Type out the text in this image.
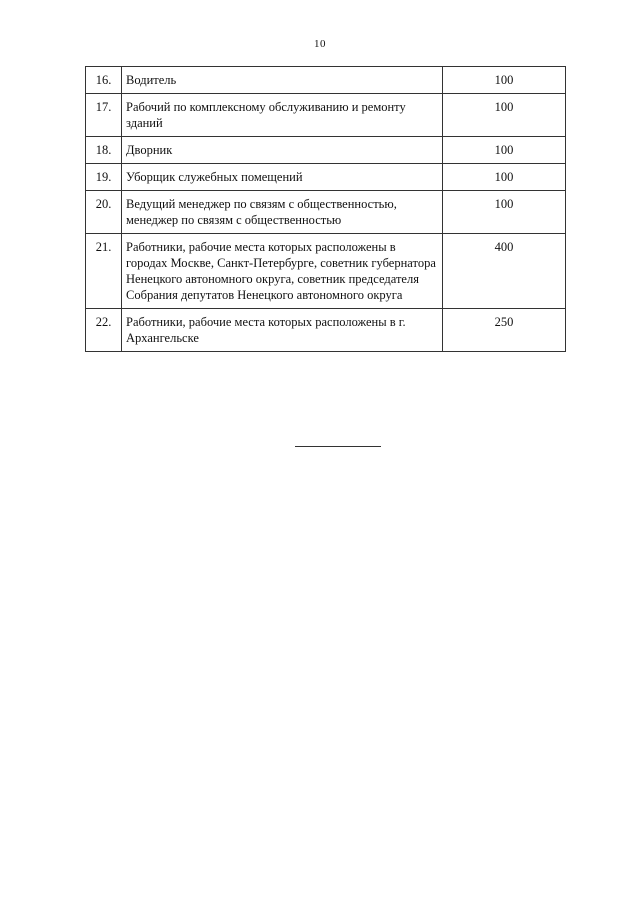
10
16.	Водитель	100
17.	Рабочий по комплексному обслуживанию и ремонту зданий	100
18.	Дворник	100
19.	Уборщик служебных помещений	100
20.	Ведущий менеджер по связям с общественностью, менеджер по связям с общественностью	100
21.	Работники, рабочие места которых расположены в городах Москве, Санкт-Петербурге, советник губернатора Ненецкого автономного округа, советник председателя Собрания депутатов Ненецкого автономного округа	400
22.	Работники, рабочие места которых расположены в г. Архангельске	250
